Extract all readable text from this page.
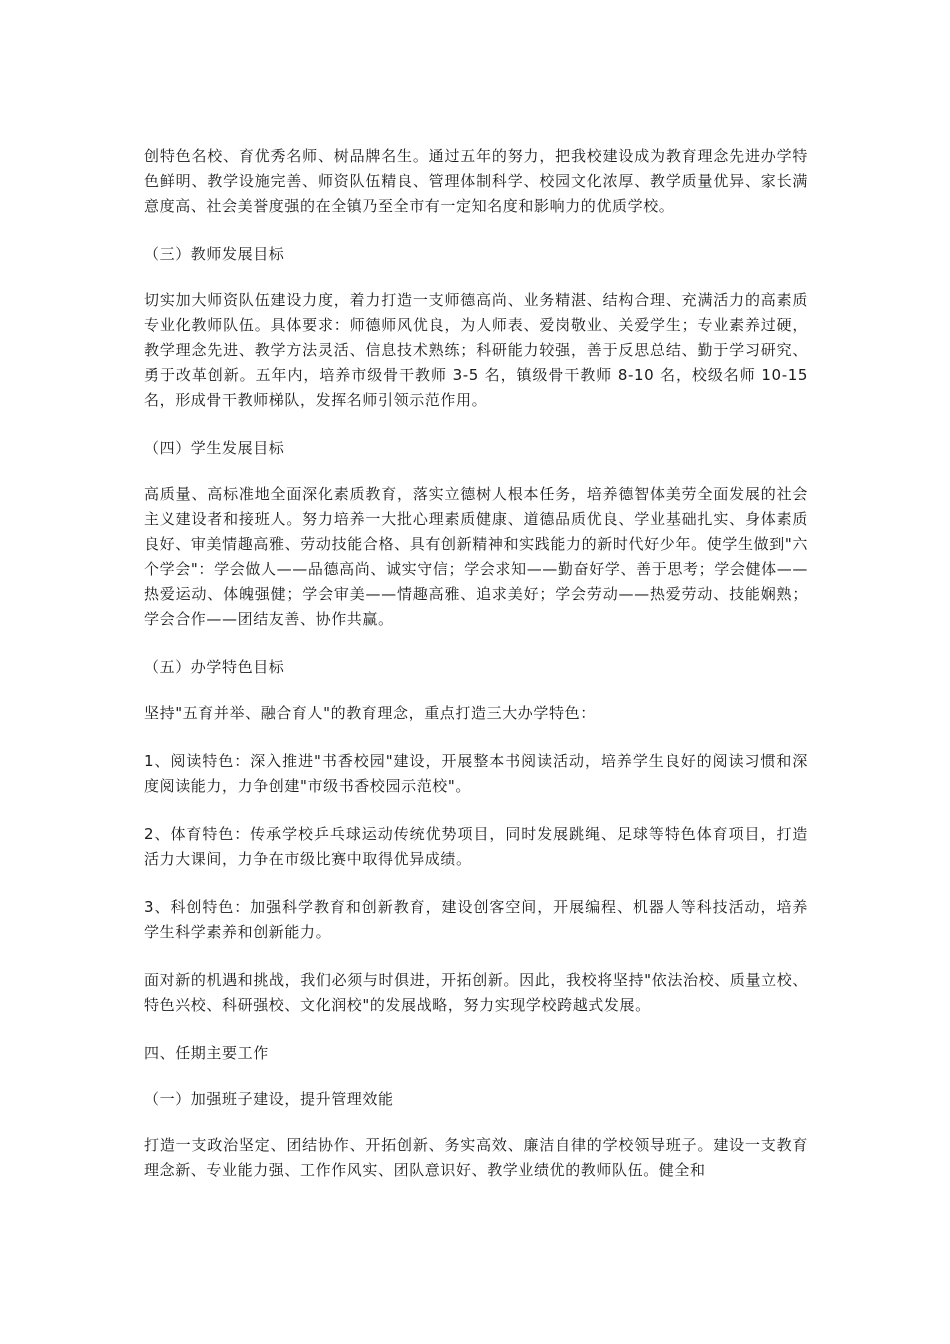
创特色名校、育优秀名师、树品牌名生。通过五年的努力，把我校建设成为教育理念先进办学特色鲜明、教学设施完善、师资队伍精良、管理体制科学、校园文化浓厚、教学质量优异、家长满意度高、社会美誉度强的在全镇乃至全市有一定知名度和影响力的优质学校。

（三）教师发展目标

切实加大师资队伍建设力度，着力打造一支师德高尚、业务精湛、结构合理、充满活力的高素质专业化教师队伍。具体要求：师德师风优良，为人师表、爱岗敬业、关爱学生；专业素养过硬，教学理念先进、教学方法灵活、信息技术熟练；科研能力较强，善于反思总结、勤于学习研究、勇于改革创新。五年内，培养市级骨干教师 3-5 名，镇级骨干教师 8-10 名，校级名师 10-15 名，形成骨干教师梯队，发挥名师引领示范作用。

（四）学生发展目标

高质量、高标准地全面深化素质教育，落实立德树人根本任务，培养德智体美劳全面发展的社会主义建设者和接班人。努力培养一大批心理素质健康、道德品质优良、学业基础扎实、身体素质良好、审美情趣高雅、劳动技能合格、具有创新精神和实践能力的新时代好少年。使学生做到"六个学会"：学会做人——品德高尚、诚实守信；学会求知——勤奋好学、善于思考；学会健体——热爱运动、体魄强健；学会审美——情趣高雅、追求美好；学会劳动——热爱劳动、技能娴熟；学会合作——团结友善、协作共赢。

（五）办学特色目标

坚持"五育并举、融合育人"的教育理念，重点打造三大办学特色：

1、阅读特色：深入推进"书香校园"建设，开展整本书阅读活动，培养学生良好的阅读习惯和深度阅读能力，力争创建"市级书香校园示范校"。

2、体育特色：传承学校乒乓球运动传统优势项目，同时发展跳绳、足球等特色体育项目，打造活力大课间，力争在市级比赛中取得优异成绩。

3、科创特色：加强科学教育和创新教育，建设创客空间，开展编程、机器人等科技活动，培养学生科学素养和创新能力。

面对新的机遇和挑战，我们必须与时俱进，开拓创新。因此，我校将坚持"依法治校、质量立校、特色兴校、科研强校、文化润校"的发展战略，努力实现学校跨越式发展。

四、任期主要工作

（一）加强班子建设，提升管理效能

打造一支政治坚定、团结协作、开拓创新、务实高效、廉洁自律的学校领导班子。建设一支教育理念新、专业能力强、工作作风实、团队意识好、教学业绩优的教师队伍。健全和
